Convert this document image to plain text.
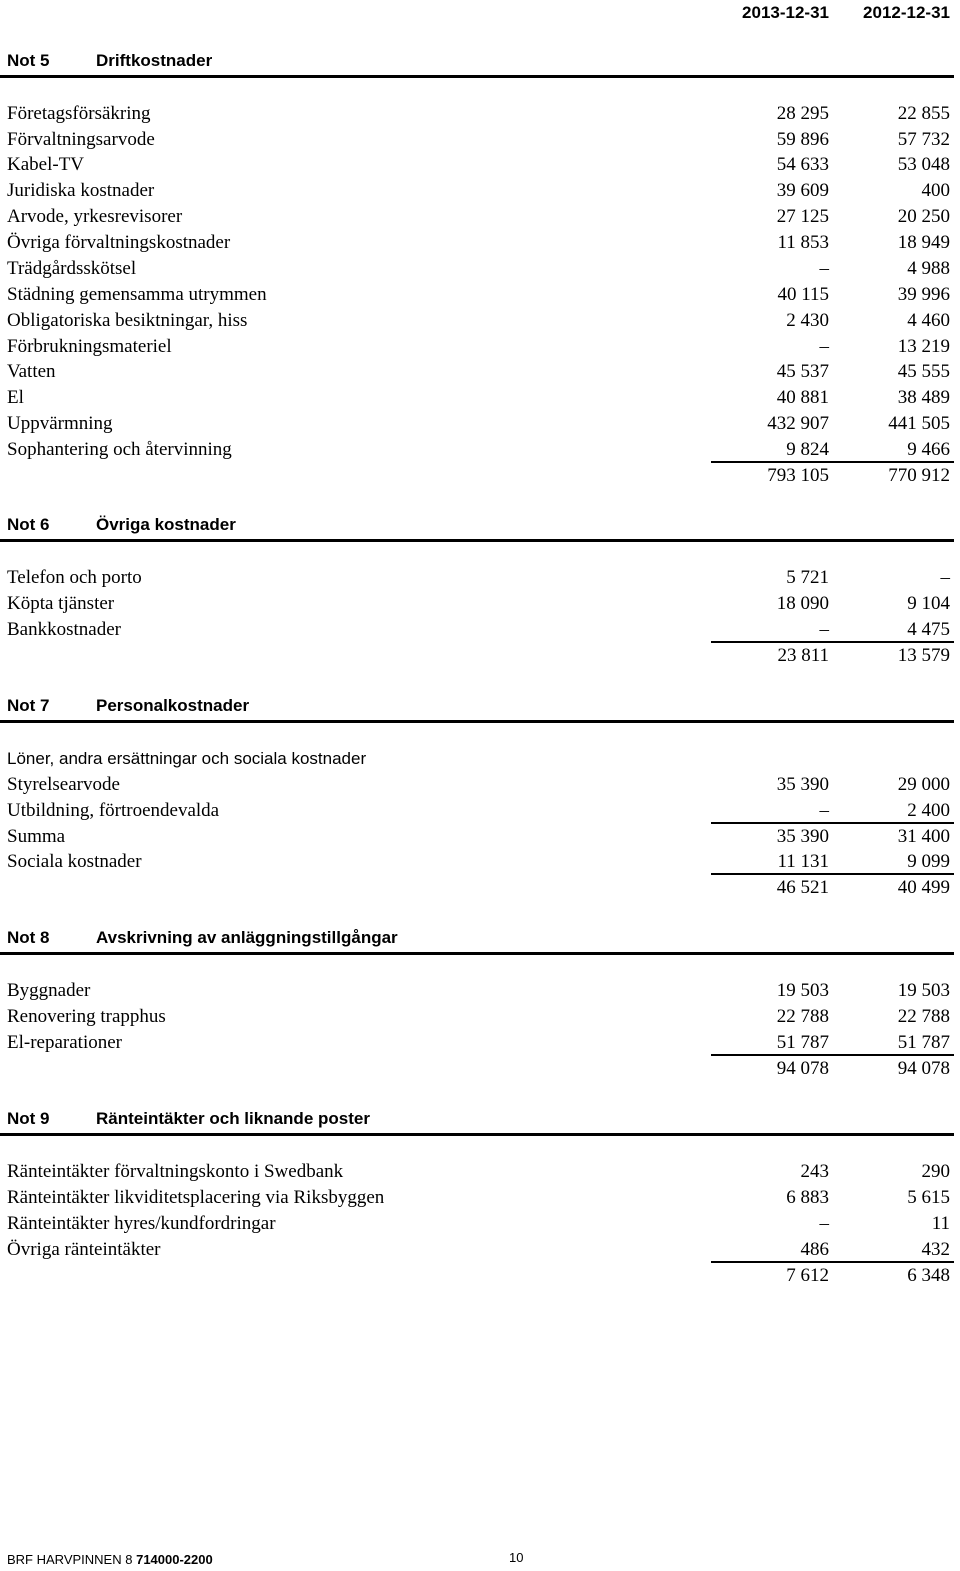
2013-12-31 2012-12-31
Not 5	Driftkostnader
Företagsförsäkring	28 295	22 855
Förvaltningsarvode	59 896	57 732
Kabel-TV	54 633	53 048
Juridiska kostnader	39 609	400
Arvode, yrkesrevisorer	27 125	20 250
Övriga förvaltningskostnader	11 853	18 949
Trädgårdsskötsel	–	4 988
Städning gemensamma utrymmen	40 115	39 996
Obligatoriska besiktningar, hiss	2 430	4 460
Förbrukningsmateriel	–	13 219
Vatten	45 537	45 555
El	40 881	38 489
Uppvärmning	432 907	441 505
Sophantering och återvinning	9 824	9 466
793 105	770 912
Not 6	Övriga kostnader
Telefon och porto	5 721	–
Köpta tjänster	18 090	9 104
Bankkostnader	–	4 475
23 811	13 579
Not 7	Personalkostnader
Löner, andra ersättningar och sociala kostnader
Styrelsearvode	35 390	29 000
Utbildning, förtroendevalda	–	2 400
Summa	35 390	31 400
Sociala kostnader	11 131	9 099
46 521	40 499
Not 8	Avskrivning av anläggningstillgångar
Byggnader	19 503	19 503
Renovering trapphus	22 788	22 788
El-reparationer	51 787	51 787
94 078	94 078
Not 9	Ränteintäkter och liknande poster
Ränteintäkter förvaltningskonto i Swedbank	243	290
Ränteintäkter likviditetsplacering via Riksbyggen	6 883	5 615
Ränteintäkter hyres/kundfordringar	–	11
Övriga ränteintäkter	486	432
7 612	6 348
BRF HARVPINNEN 8 714000-2200	10
